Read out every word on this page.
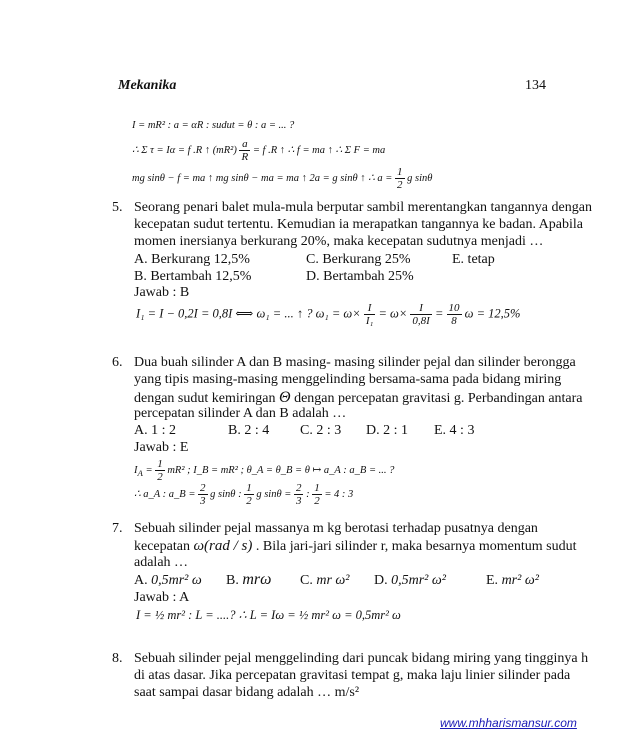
Mekanika	134
I = mR² : a = αR : sudut = θ : a = ... ?
∴ Σ τ = Iα = f .R ↑ $(mR^2) \frac{a}{R} = f$ .R ↑ ∴ f = ma ↑ ∴ Σ F = ma
mg sinθ − f = ma ↑ mg sinθ − ma = ma ↑ 2a = g sinθ ↑ ∴ $a = \frac{1}{2}$ g sinθ
5. Seorang penari balet mula-mula berputar sambil merentangkan tangannya dengan
kecepatan sudut tertentu. Kemudian ia merapatkan tangannya ke badan. Apabila
momen inersianya berkurang 20%, maka kecepatan sudutnya menjadi …
A. Berkurang 12,5%	C. Berkurang 25%	E. tetap
B. Bertambah 12,5%	D. Bertambah 25%
Jawab : B
I₁ = I − 0,2I = 0,8I ⟺ ω₁ = ... ↑ ? $\omega_1 = \omega\times \frac{I}{\text{I₁}} = \omega\times \frac{I}{0,8I} = \frac{10}{8}$ ω = 12,5%
6. Dua buah silinder A dan B masing- masing silinder pejal dan silinder berongga
yang tipis masing-masing menggelinding bersama-sama pada bidang miring
dengan sudut kemiringan Θ dengan percepatan gravitasi g. Perbandingan antara
percepatan silinder A dan B adalah …
A. 1 : 2	B. 2 : 4 C. 2 : 3 D. 2 : 1 E. 4 : 3
Jawab : E
$I_A = \frac{1}{2} mR^2$ ; I_B = mR² ; θ_A = θ_B = θ ↦ a_A : a_B = ... ?
∴ a_A : a_B = $\frac{2}{3}$ g sinθ : $\frac{1}{2}$ g $\sin\theta = \frac{2}{3}$ : $\frac{1}{2} = 4$ : 3
7. Sebuah silinder pejal massanya m kg berotasi terhadap pusatnya dengan
kecepatan ω(rad / s) . Bila jari-jari silinder r, maka besarnya momentum sudut
adalah …
A. 0,5mr² ω B. mrω C. mr ω² D. 0,5mr² ω²	E. mr² ω²
Jawab : A
I = ½ mr² : L = ....? ∴ L = Iω = ½ mr² ω = 0,5mr² ω
8. Sebuah silinder pejal menggelinding dari puncak bidang miring yang tingginya h
di atas dasar. Jika percepatan gravitasi tempat g, maka laju linier silinder pada
saat sampai dasar bidang adalah … m/s²
www.mhharismansur.com
